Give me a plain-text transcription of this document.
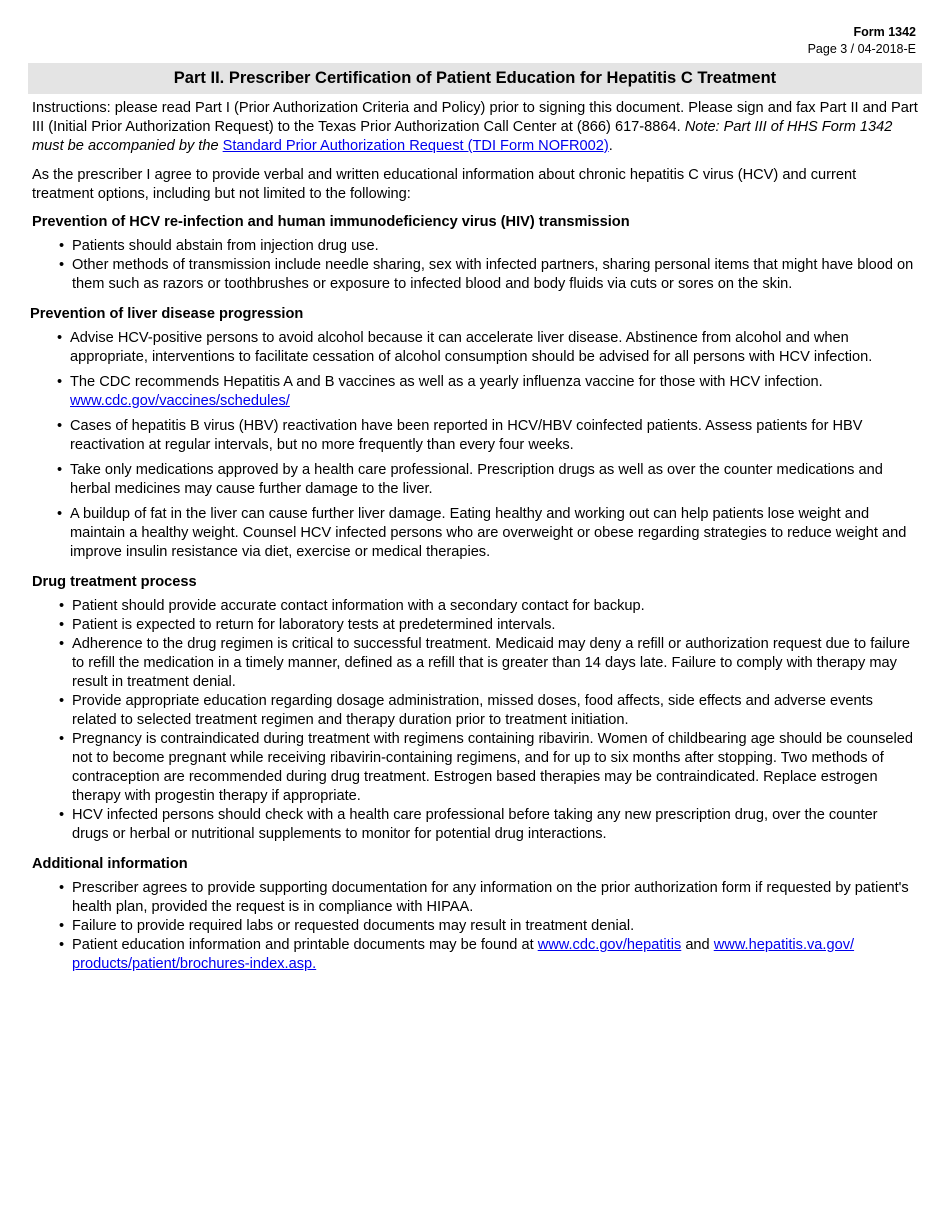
Form 1342
Page 3 / 04-2018-E
Part II. Prescriber Certification of Patient Education for Hepatitis C Treatment

Instructions: please read Part I (Prior Authorization Criteria and Policy) prior to signing this document. Please sign and fax Part II and Part III (Initial Prior Authorization Request) to the Texas Prior Authorization Call Center at (866) 617-8864. Note: Part III of HHS Form 1342 must be accompanied by the Standard Prior Authorization Request (TDI Form NOFR002).

As the prescriber I agree to provide verbal and written educational information about chronic hepatitis C virus (HCV) and current treatment options, including but not limited to the following:

Prevention of HCV re-infection and human immunodeficiency virus (HIV) transmission
• Patients should abstain from injection drug use.
• Other methods of transmission include needle sharing, sex with infected partners, sharing personal items that might have blood on them such as razors or toothbrushes or exposure to infected blood and body fluids via cuts or sores on the skin.
Prevention of liver disease progression
• Advise HCV-positive persons to avoid alcohol because it can accelerate liver disease. Abstinence from alcohol and when appropriate, interventions to facilitate cessation of alcohol consumption should be advised for all persons with HCV infection.
• The CDC recommends Hepatitis A and B vaccines as well as a yearly influenza vaccine for those with HCV infection.
www.cdc.gov/vaccines/schedules/
• Cases of hepatitis B virus (HBV) reactivation have been reported in HCV/HBV coinfected patients. Assess patients for HBV reactivation at regular intervals, but no more frequently than every four weeks.
• Take only medications approved by a health care professional. Prescription drugs as well as over the counter medications and herbal medicines may cause further damage to the liver.
• A buildup of fat in the liver can cause further liver damage. Eating healthy and working out can help patients lose weight and maintain a healthy weight. Counsel HCV infected persons who are overweight or obese regarding strategies to reduce weight and improve insulin resistance via diet, exercise or medical therapies.
Drug treatment process
• Patient should provide accurate contact information with a secondary contact for backup.
• Patient is expected to return for laboratory tests at predetermined intervals.
• Adherence to the drug regimen is critical to successful treatment. Medicaid may deny a refill or authorization request due to failure to refill the medication in a timely manner, defined as a refill that is greater than 14 days late. Failure to comply with therapy may result in treatment denial.
• Provide appropriate education regarding dosage administration, missed doses, food affects, side effects and adverse events related to selected treatment regimen and therapy duration prior to treatment initiation.
• Pregnancy is contraindicated during treatment with regimens containing ribavirin. Women of childbearing age should be counseled not to become pregnant while receiving ribavirin-containing regimens, and for up to six months after stopping. Two methods of contraception are recommended during drug treatment. Estrogen based therapies may be contraindicated. Replace estrogen therapy with progestin therapy if appropriate.
• HCV infected persons should check with a health care professional before taking any new prescription drug, over the counter drugs or herbal or nutritional supplements to monitor for potential drug interactions.
Additional information
• Prescriber agrees to provide supporting documentation for any information on the prior authorization form if requested by patient's health plan, provided the request is in compliance with HIPAA.
• Failure to provide required labs or requested documents may result in treatment denial.
• Patient education information and printable documents may be found at www.cdc.gov/hepatitis and www.hepatitis.va.gov/ products/patient/brochures-index.asp.
